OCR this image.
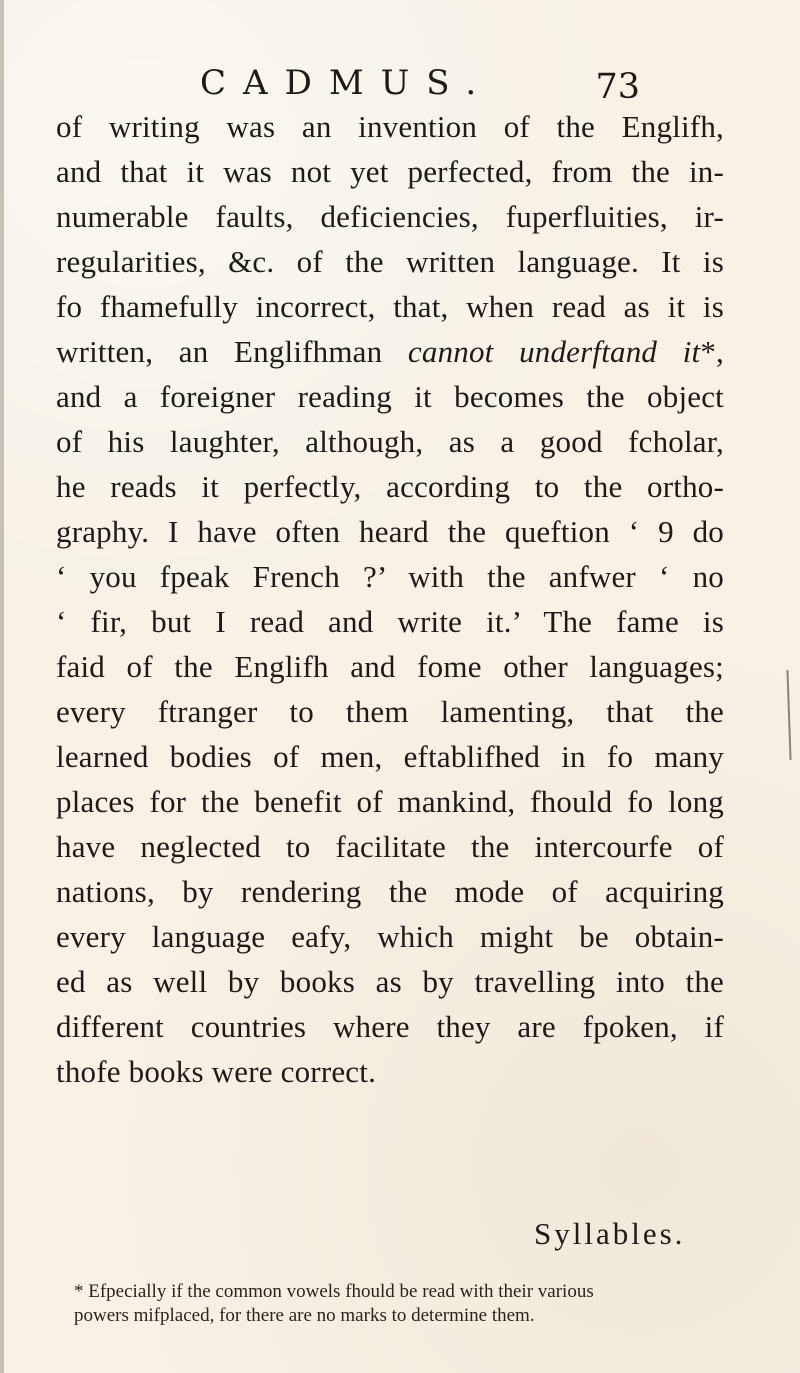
CADMUS.	73
of writing was an invention of the Englifh,
and that it was not yet perfected, from the in-
numerable faults, deficiencies, fuperfluities, ir-
regularities, &c. of the written language. It is
fo fhamefully incorrect, that, when read as it is
written, an Englifhman cannot underftand it*,
and a foreigner reading it becomes the object
of his laughter, although, as a good fcholar,
he reads it perfectly, according to the ortho-
graphy. I have often heard the queftion ‘ 9 do
‘ you fpeak French ?’ with the anfwer ‘ no
‘ fir, but I read and write it.’ The fame is
faid of the Englifh and fome other languages;
every ftranger to them lamenting, that the
learned bodies of men, eftablifhed in fo many
places for the benefit of mankind, fhould fo long
have neglected to facilitate the intercourfe of
nations, by rendering the mode of acquiring
every language eafy, which might be obtain-
ed as well by books as by travelling into the
different countries where they are fpoken, if
thofe books were correct.
Syllables.
* Efpecially if the common vowels fhould be read with their various
powers mifplaced, for there are no marks to determine them.
